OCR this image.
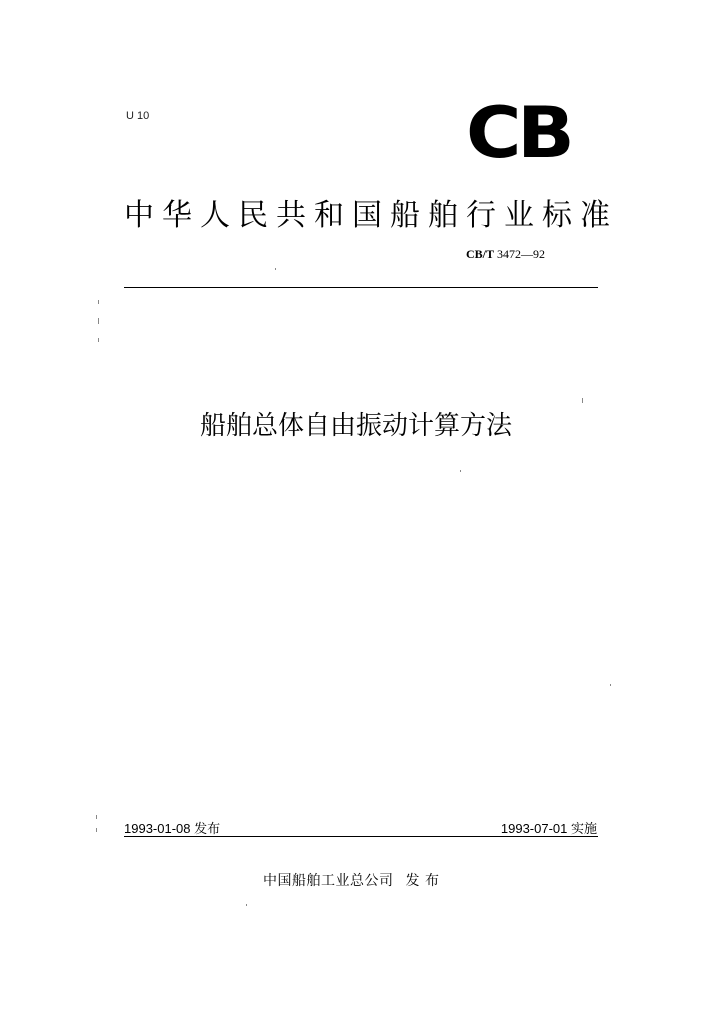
U 10	CB
中华人民共和国船舶行业标准
CB/T 3472—92
船舶总体自由振动计算方法
1993-01-08 发布	1993-07-01 实施
中国船舶工业总公司 发 布
